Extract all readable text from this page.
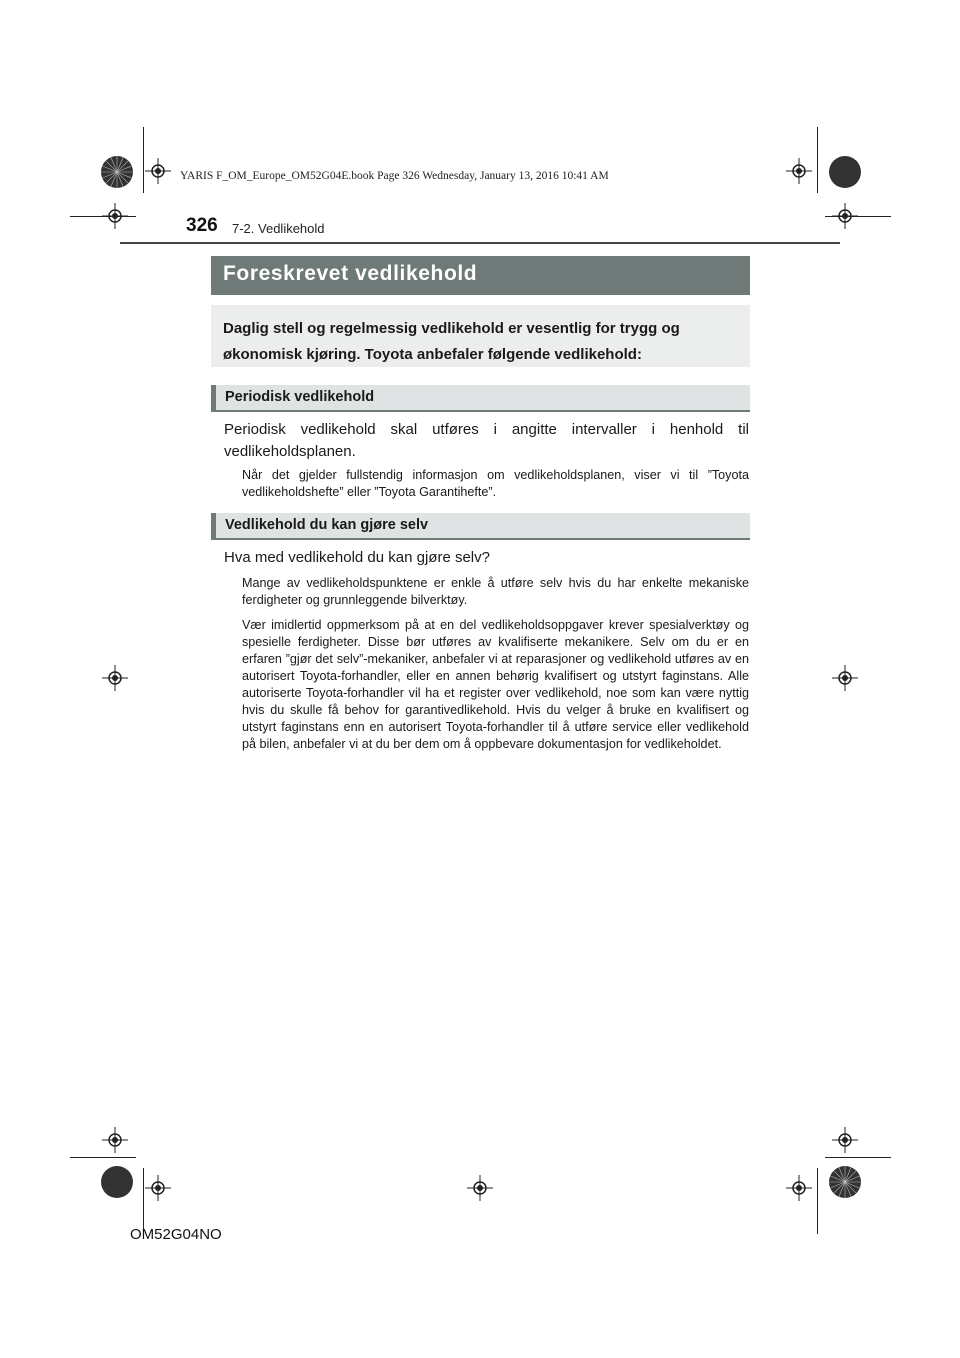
YARIS F_OM_Europe_OM52G04E.book Page 326 Wednesday, January 13, 2016 10:41 AM
326 7-2. Vedlikehold
Foreskrevet vedlikehold
Daglig stell og regelmessig vedlikehold er vesentlig for trygg og økonomisk kjøring. Toyota anbefaler følgende vedlikehold:
Periodisk vedlikehold
Periodisk vedlikehold skal utføres i angitte intervaller i henhold til vedlikeholdsplanen.
Når det gjelder fullstendig informasjon om vedlikeholdsplanen, viser vi til ”Toyota vedlikeholdshefte” eller ”Toyota Garantihefte”.
Vedlikehold du kan gjøre selv
Hva med vedlikehold du kan gjøre selv?
Mange av vedlikeholdspunktene er enkle å utføre selv hvis du har enkelte mekaniske ferdigheter og grunnleggende bilverktøy.
Vær imidlertid oppmerksom på at en del vedlikeholdsoppgaver krever spesialverktøy og spesielle ferdigheter. Disse bør utføres av kvalifiserte mekanikere. Selv om du er en erfaren ”gjør det selv”-mekaniker, anbefaler vi at reparasjoner og vedlikehold utføres av en autorisert Toyota-forhandler, eller en annen behørig kvalifisert og utstyrt faginstans. Alle autoriserte Toyota-forhandler vil ha et register over vedlikehold, noe som kan være nyttig hvis du skulle få behov for garantivedlikehold. Hvis du velger å bruke en kvalifisert og utstyrt faginstans enn en autorisert Toyota-forhandler til å utføre service eller vedlikehold på bilen, anbefaler vi at du ber dem om å oppbevare dokumentasjon for vedlikeholdet.
OM52G04NO
